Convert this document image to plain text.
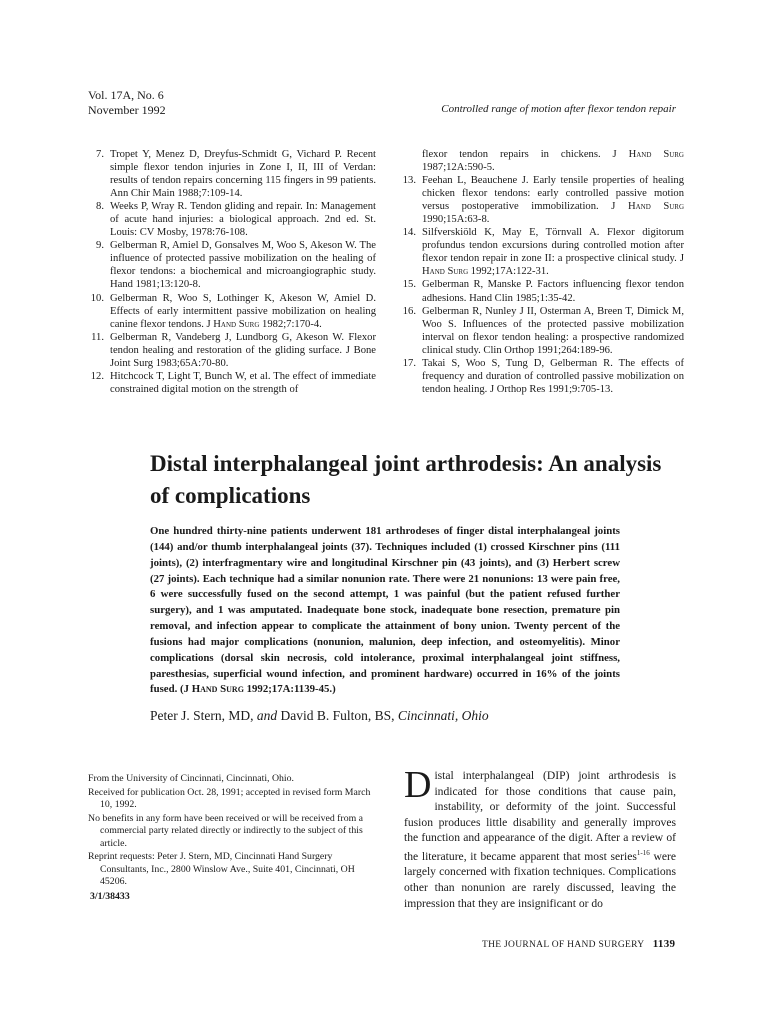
Vol. 17A, No. 6
November 1992	Controlled range of motion after flexor tendon repair
7. Tropet Y, Menez D, Dreyfus-Schmidt G, Vichard P. Recent simple flexor tendon injuries in Zone I, II, III of Verdan: results of tendon repairs concerning 115 fingers in 99 patients. Ann Chir Main 1988;7:109-14.
8. Weeks P, Wray R. Tendon gliding and repair. In: Management of acute hand injuries: a biological approach. 2nd ed. St. Louis: CV Mosby, 1978:76-108.
9. Gelberman R, Amiel D, Gonsalves M, Woo S, Akeson W. The influence of protected passive mobilization on the healing of flexor tendons: a biochemical and microangiographic study. Hand 1981;13:120-8.
10. Gelberman R, Woo S, Lothinger K, Akeson W, Amiel D. Effects of early intermittent passive mobilization on healing canine flexor tendons. J Hand Surg 1982;7:170-4.
11. Gelberman R, Vandeberg J, Lundborg G, Akeson W. Flexor tendon healing and restoration of the gliding surface. J Bone Joint Surg 1983;65A:70-80.
12. Hitchcock T, Light T, Bunch W, et al. The effect of immediate constrained digital motion on the strength of
flexor tendon repairs in chickens. J Hand Surg 1987;12A:590-5.
13. Feehan L, Beauchene J. Early tensile properties of healing chicken flexor tendons: early controlled passive motion versus postoperative immobilization. J Hand Surg 1990;15A:63-8.
14. Silfverskiöld K, May E, Törnvall A. Flexor digitorum profundus tendon excursions during controlled motion after flexor tendon repair in zone II: a prospective clinical study. J Hand Surg 1992;17A:122-31.
15. Gelberman R, Manske P. Factors influencing flexor tendon adhesions. Hand Clin 1985;1:35-42.
16. Gelberman R, Nunley J II, Osterman A, Breen T, Dimick M, Woo S. Influences of the protected passive mobilization interval on flexor tendon healing: a prospective randomized clinical study. Clin Orthop 1991;264:189-96.
17. Takai S, Woo S, Tung D, Gelberman R. The effects of frequency and duration of controlled passive mobilization on tendon healing. J Orthop Res 1991;9:705-13.
Distal interphalangeal joint arthrodesis: An analysis of complications

One hundred thirty-nine patients underwent 181 arthrodeses of finger distal interphalangeal joints (144) and/or thumb interphalangeal joints (37). Techniques included (1) crossed Kirschner pins (111 joints), (2) interfragmentary wire and longitudinal Kirschner pin (43 joints), and (3) Herbert screw (27 joints). Each technique had a similar nonunion rate. There were 21 nonunions: 13 were pain free, 6 were successfully fused on the second attempt, 1 was painful (but the patient refused further surgery), and 1 was amputated. Inadequate bone stock, inadequate bone resection, premature pin removal, and infection appear to complicate the attainment of bony union. Twenty percent of the fusions had major complications (nonunion, malunion, deep infection, and osteomyelitis). Minor complications (dorsal skin necrosis, cold intolerance, proximal interphalangeal joint stiffness, paresthesias, superficial wound infection, and prominent hardware) occurred in 16% of the joints fused. (J Hand Surg 1992;17A:1139-45.)

Peter J. Stern, MD, and David B. Fulton, BS, Cincinnati, Ohio

From the University of Cincinnati, Cincinnati, Ohio.

Received for publication Oct. 28, 1991; accepted in revised form March 10, 1992.

No benefits in any form have been received or will be received from a commercial party related directly or indirectly to the subject of this article.

Reprint requests: Peter J. Stern, MD, Cincinnati Hand Surgery Consultants, Inc., 2800 Winslow Ave., Suite 401, Cincinnati, OH 45206.

3/1/38433

Distal interphalangeal (DIP) joint arthrodesis is indicated for those conditions that cause pain, instability, or deformity of the joint. Successful fusion produces little disability and generally improves the function and appearance of the digit. After a review of the literature, it became apparent that most series$^{1-16}$ were largely concerned with fixation techniques. Complications other than nonunion are rarely discussed, leaving the impression that they are insignificant or do

THE JOURNAL OF HAND SURGERY 1139
